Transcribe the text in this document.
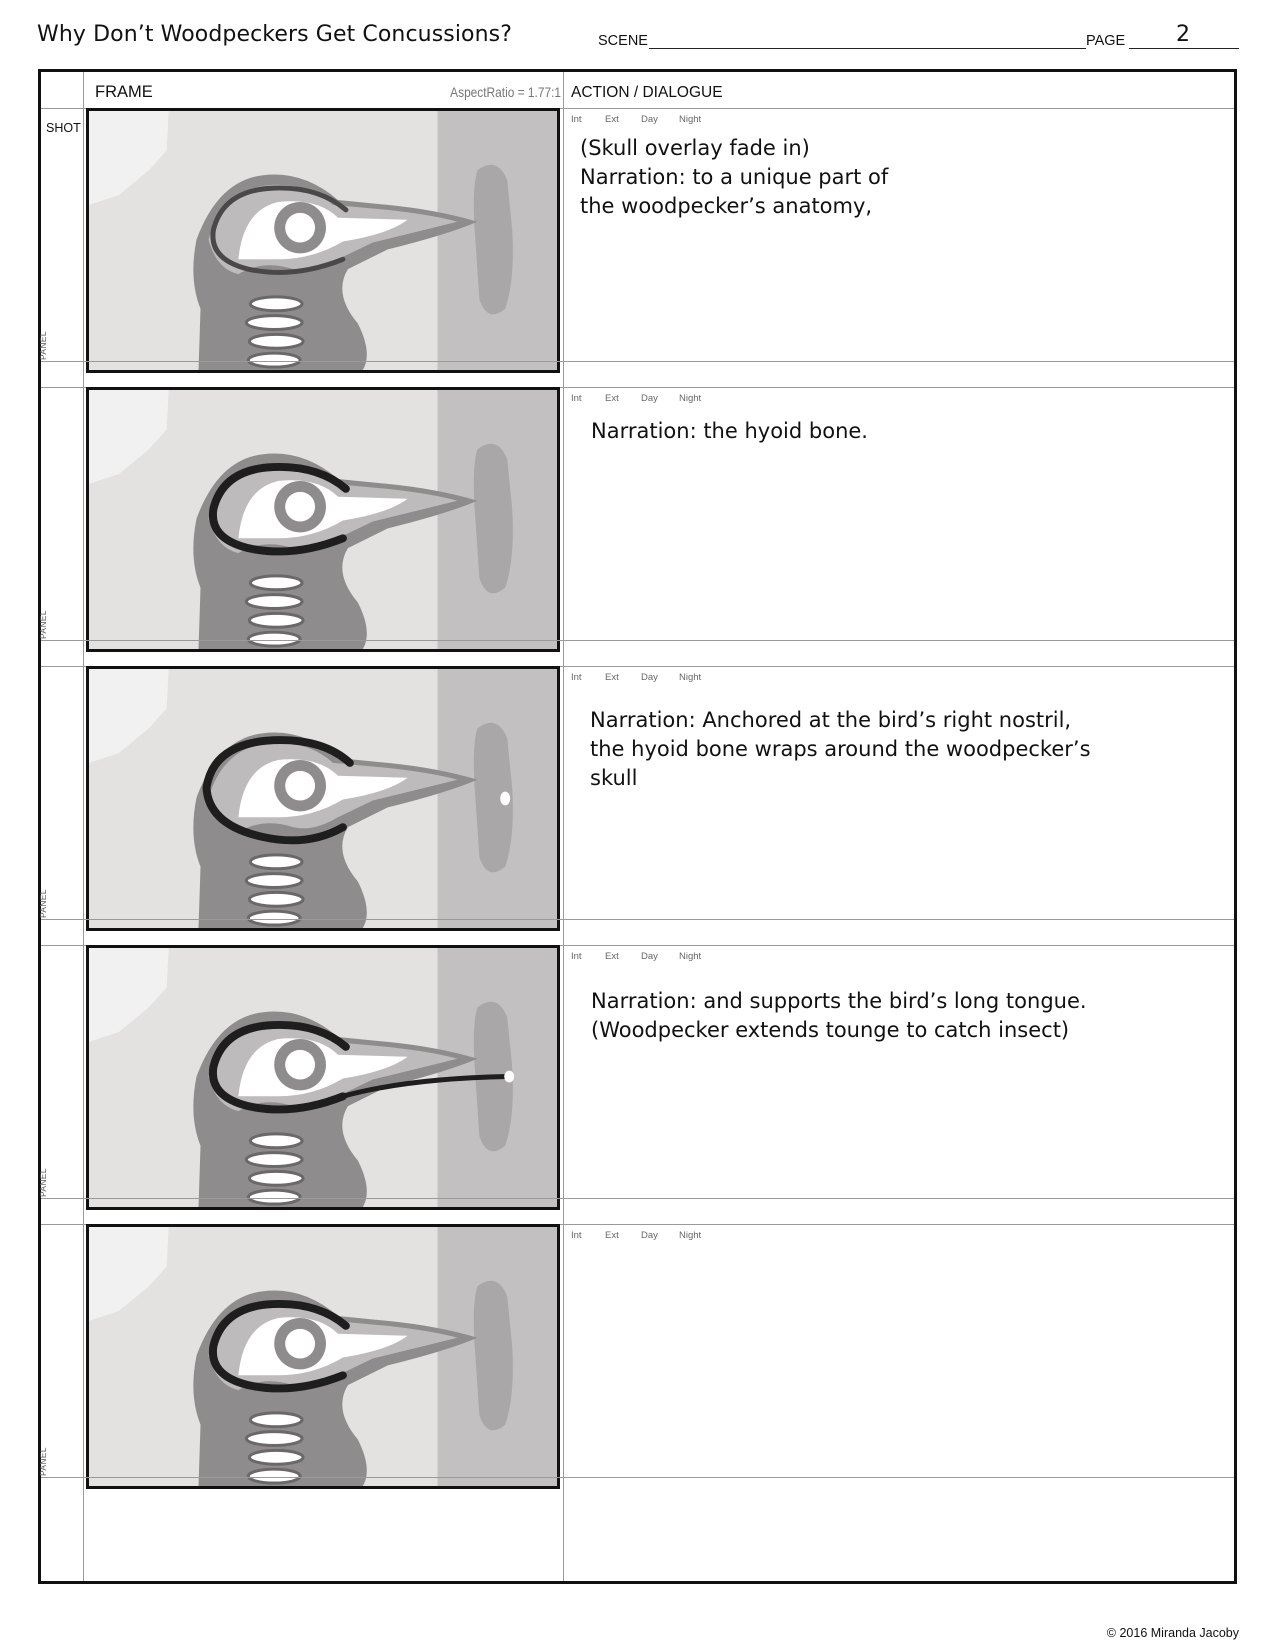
Why Don’t Woodpeckers Get Concussions?	SCENE	PAGE 2
FRAME	AspectRatio = 1.77:1 ACTION / DIALOGUE
SHOT
PANEL
Int Ext Day Night
(Skull overlay fade in)
Narration: to a unique part of
the woodpecker’s anatomy,
PANEL
Int Ext Day Night
Narration: the hyoid bone.
PANEL
Int Ext Day Night
Narration: Anchored at the bird’s right nostril,
the hyoid bone wraps around the woodpecker’s
skull
PANEL
Int Ext Day Night
Narration: and supports the bird’s long tongue.
(Woodpecker extends tounge to catch insect)
PANEL
Int Ext Day Night
© 2016 Miranda Jacoby
